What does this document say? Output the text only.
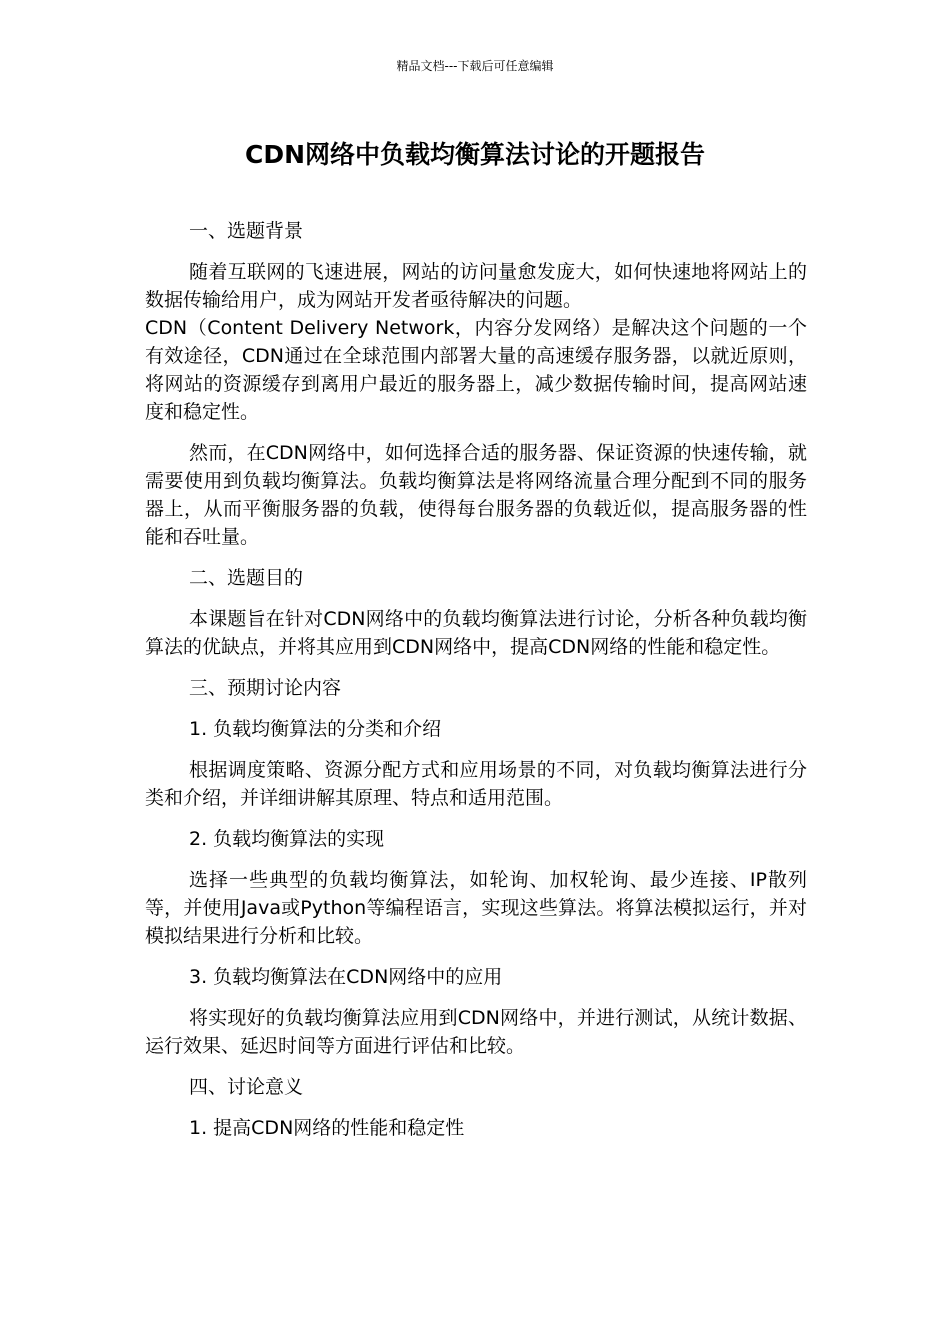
精品文档---下载后可任意编辑
CDN网络中负载均衡算法讨论的开题报告

一、选题背景

随着互联网的飞速进展，网站的访问量愈发庞大，如何快速地将网站上的数据传输给用户，成为网站开发者亟待解决的问题。

CDN（Content Delivery Network，内容分发网络）是解决这个问题的一个有效途径，CDN通过在全球范围内部署大量的高速缓存服务器，以就近原则，将网站的资源缓存到离用户最近的服务器上，减少数据传输时间，提高网站速度和稳定性。

然而，在CDN网络中，如何选择合适的服务器、保证资源的快速传输，就需要使用到负载均衡算法。负载均衡算法是将网络流量合理分配到不同的服务器上，从而平衡服务器的负载，使得每台服务器的负载近似，提高服务器的性能和吞吐量。

二、选题目的

本课题旨在针对CDN网络中的负载均衡算法进行讨论，分析各种负载均衡算法的优缺点，并将其应用到CDN网络中，提高CDN网络的性能和稳定性。

三、预期讨论内容

1. 负载均衡算法的分类和介绍

根据调度策略、资源分配方式和应用场景的不同，对负载均衡算法进行分类和介绍，并详细讲解其原理、特点和适用范围。

2. 负载均衡算法的实现

选择一些典型的负载均衡算法，如轮询、加权轮询、最少连接、IP散列等，并使用Java或Python等编程语言，实现这些算法。将算法模拟运行，并对模拟结果进行分析和比较。

3. 负载均衡算法在CDN网络中的应用

将实现好的负载均衡算法应用到CDN网络中，并进行测试，从统计数据、运行效果、延迟时间等方面进行评估和比较。

四、讨论意义

1. 提高CDN网络的性能和稳定性
